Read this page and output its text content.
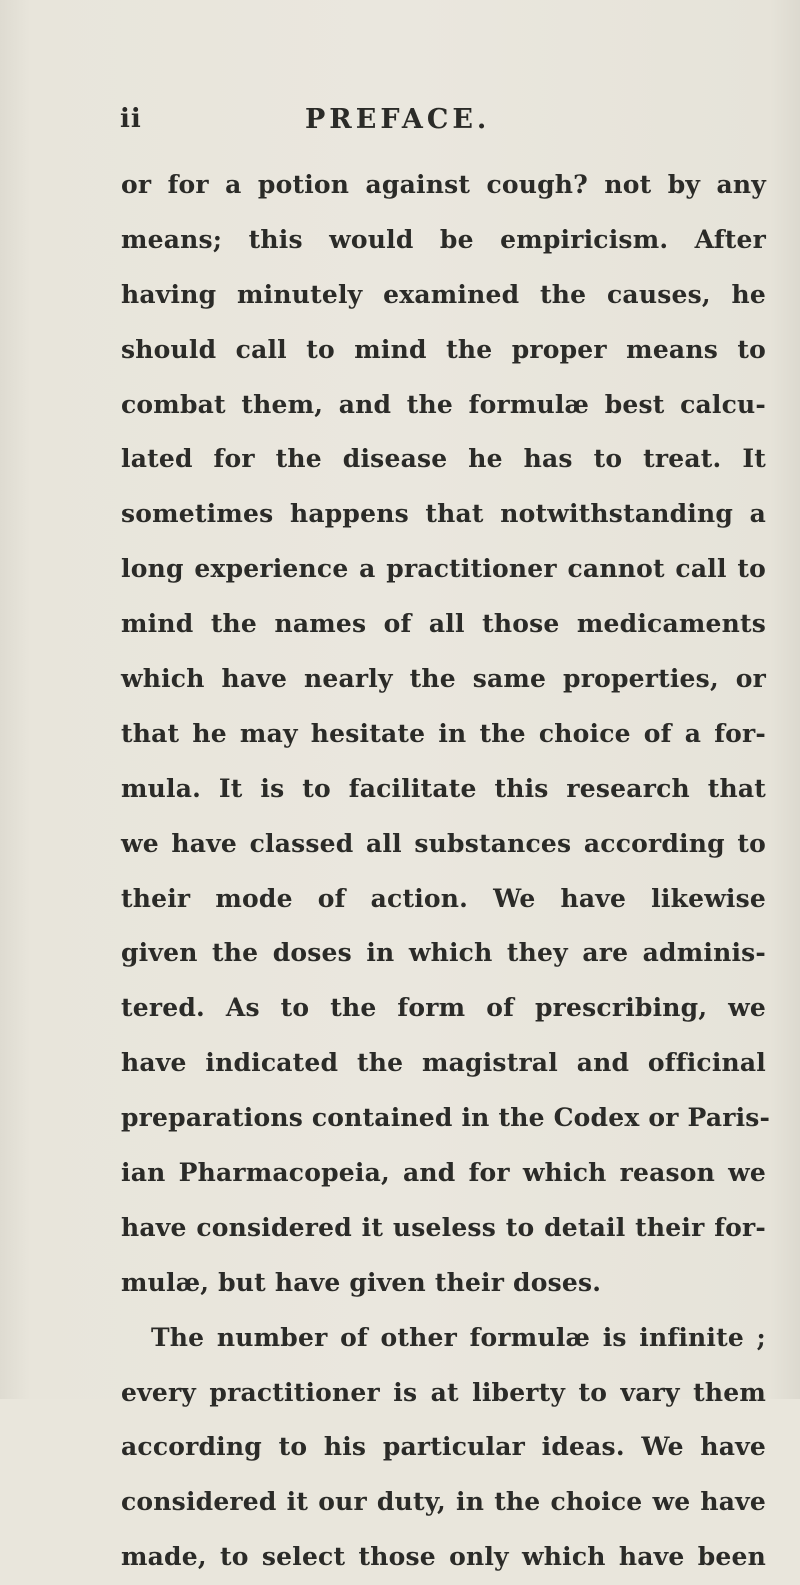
ii	PREFACE.
or for a potion against cough? not by any
means; this would be empiricism. After
having minutely examined the causes, he
should call to mind the proper means to
combat them, and the formulæ best calcu-
lated for the disease he has to treat. It
sometimes happens that notwithstanding a
long experience a practitioner cannot call to
mind the names of all those medicaments
which have nearly the same properties, or
that he may hesitate in the choice of a for-
mula. It is to facilitate this research that
we have classed all substances according to
their mode of action. We have likewise
given the doses in which they are adminis-
tered. As to the form of prescribing, we
have indicated the magistral and officinal
preparations contained in the Codex or Paris-
ian Pharmacopeia, and for which reason we
have considered it useless to detail their for-
mulæ, but have given their doses.
The number of other formulæ is infinite ;
every practitioner is at liberty to vary them
according to his particular ideas. We have
considered it our duty, in the choice we have
made, to select those only which have been
